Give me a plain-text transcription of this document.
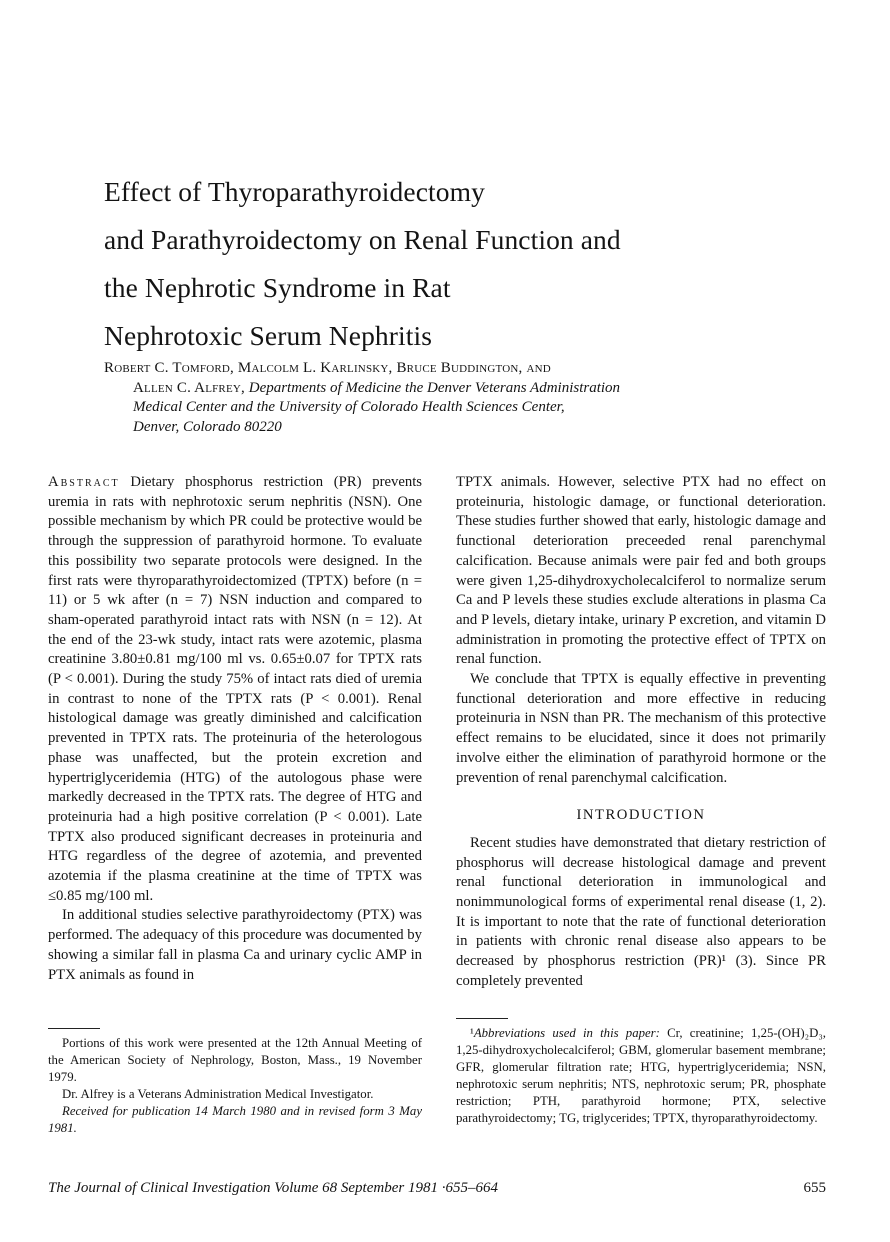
Effect of Thyroparathyroidectomy
and Parathyroidectomy on Renal Function and
the Nephrotic Syndrome in Rat
Nephrotoxic Serum Nephritis
Robert C. Tomford, Malcolm L. Karlinsky, Bruce Buddington, and
Allen C. Alfrey, Departments of Medicine the Denver Veterans Administration
Medical Center and the University of Colorado Health Sciences Center,
Denver, Colorado 80220

Abstract Dietary phosphorus restriction (PR) prevents uremia in rats with nephrotoxic serum nephritis (NSN). One possible mechanism by which PR could be protective would be through the suppression of parathyroid hormone. To evaluate this possibility two separate protocols were designed. In the first rats were thyroparathyroidectomized (TPTX) before (n = 11) or 5 wk after (n = 7) NSN induction and compared to sham-operated parathyroid intact rats with NSN (n = 12). At the end of the 23-wk study, intact rats were azotemic, plasma creatinine 3.80±0.81 mg/100 ml vs. 0.65±0.07 for TPTX rats (P < 0.001). During the study 75% of intact rats died of uremia in contrast to none of the TPTX rats (P < 0.001). Renal histological damage was greatly diminished and calcification prevented in TPTX rats. The proteinuria of the heterologous phase was unaffected, but the protein excretion and hypertriglyceridemia (HTG) of the autologous phase were markedly decreased in the TPTX rats. The degree of HTG and proteinuria had a high positive correlation (P < 0.001). Late TPTX also produced significant decreases in proteinuria and HTG regardless of the degree of azotemia, and prevented azotemia if the plasma creatinine at the time of TPTX was ≤0.85 mg/100 ml.

In additional studies selective parathyroidectomy (PTX) was performed. The adequacy of this procedure was documented by showing a similar fall in plasma Ca and urinary cyclic AMP in PTX animals as found in

TPTX animals. However, selective PTX had no effect on proteinuria, histologic damage, or functional deterioration. These studies further showed that early, histologic damage and functional deterioration preceeded renal parenchymal calcification. Because animals were pair fed and both groups were given 1,25-dihydroxycholecalciferol to normalize serum Ca and P levels these studies exclude alterations in plasma Ca and P levels, dietary intake, urinary P excretion, and vitamin D administration in promoting the protective effect of TPTX on renal function.

We conclude that TPTX is equally effective in preventing functional deterioration and more effective in reducing proteinuria in NSN than PR. The mechanism of this protective effect remains to be elucidated, since it does not primarily involve either the elimination of parathyroid hormone or the prevention of renal parenchymal calcification.

INTRODUCTION

Recent studies have demonstrated that dietary restriction of phosphorus will decrease histological damage and prevent renal functional deterioration in immunological and nonimmunological forms of experimental renal disease (1, 2). It is important to note that the rate of functional deterioration in patients with chronic renal disease also appears to be decreased by phosphorus restriction (PR)¹ (3). Since PR completely prevented

Portions of this work were presented at the 12th Annual Meeting of the American Society of Nephrology, Boston, Mass., 19 November 1979.

Dr. Alfrey is a Veterans Administration Medical Investigator.

Received for publication 14 March 1980 and in revised form 3 May 1981.

¹Abbreviations used in this paper: Cr, creatinine; 1,25-(OH)₂D₃, 1,25-dihydroxycholecalciferol; GBM, glomerular basement membrane; GFR, glomerular filtration rate; HTG, hypertriglyceridemia; NSN, nephrotoxic serum nephritis; NTS, nephrotoxic serum; PR, phosphate restriction; PTH, parathyroid hormone; PTX, selective parathyroidectomy; TG, triglycerides; TPTX, thyroparathyroidectomy.

The Journal of Clinical Investigation Volume 68 September 1981 ·655–664	655
